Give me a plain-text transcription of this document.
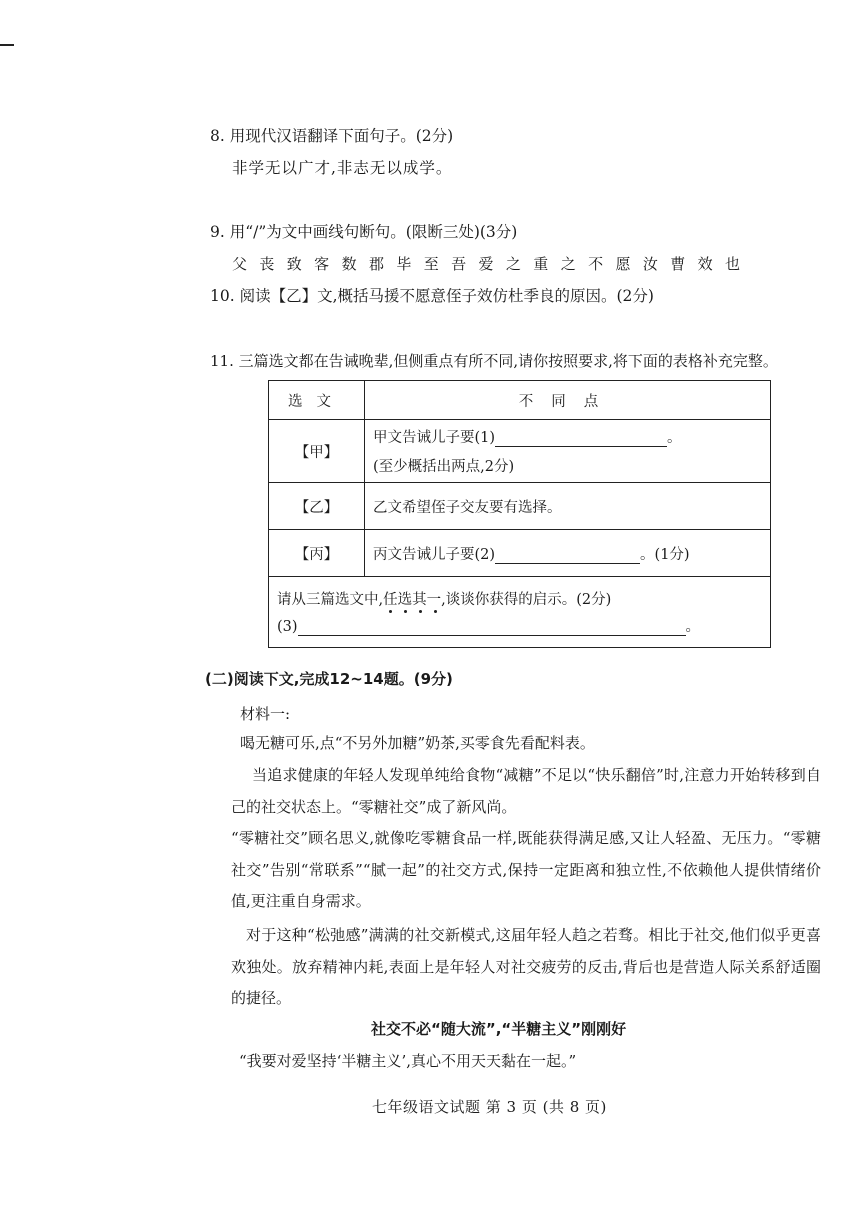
8. 用现代汉语翻译下面句子。(2分)
非学无以广才,非志无以成学。
9. 用“/”为文中画线句断句。(限断三处)(3分)
父 丧 致 客 数 郡 毕 至 吾 爱 之 重 之 不 愿 汝 曹 效 也
10. 阅读【乙】文,概括马援不愿意侄子效仿杜季良的原因。(2分)
11. 三篇选文都在告诫晚辈,但侧重点有所不同,请你按照要求,将下面的表格补充完整。
选文	不同点
【甲】	甲文告诫儿子要(1) 。
(至少概括出两点,2分)

【乙】	乙文希望侄子交友要有选择。
【丙】	丙文告诫儿子要(2) 。(1分)

请从三篇选文中,任选其一
,谈谈你获得的启示。(2分)
(3) 。	
(二)阅读下文,完成12~14题。(9分)
材料一:
喝无糖可乐,点“不另外加糖”奶茶,买零食先看配料表。
当追求健康的年轻人发现单纯给食物“减糖”不足以“快乐翻倍”时,注意力开始转移到自己的社交状态上。“零糖社交”成了新风尚。
“零糖社交”顾名思义,就像吃零糖食品一样,既能获得满足感,又让人轻盈、无压力。“零糖社交”告别“常联系”“腻一起”的社交方式,保持一定距离和独立性,不依赖他人提供情绪价值,更注重自身需求。
对于这种“松弛感”满满的社交新模式,这届年轻人趋之若骛。相比于社交,他们似乎更喜欢独处。放弃精神内耗,表面上是年轻人对社交疲劳的反击,背后也是营造人际关系舒适圈的捷径。
社交不必“随大流”,“半糖主义”刚刚好
“我要对爱坚持‘半糖主义’,真心不用天天黏在一起。”
七年级语文试题 第 3 页 (共 8 页)
